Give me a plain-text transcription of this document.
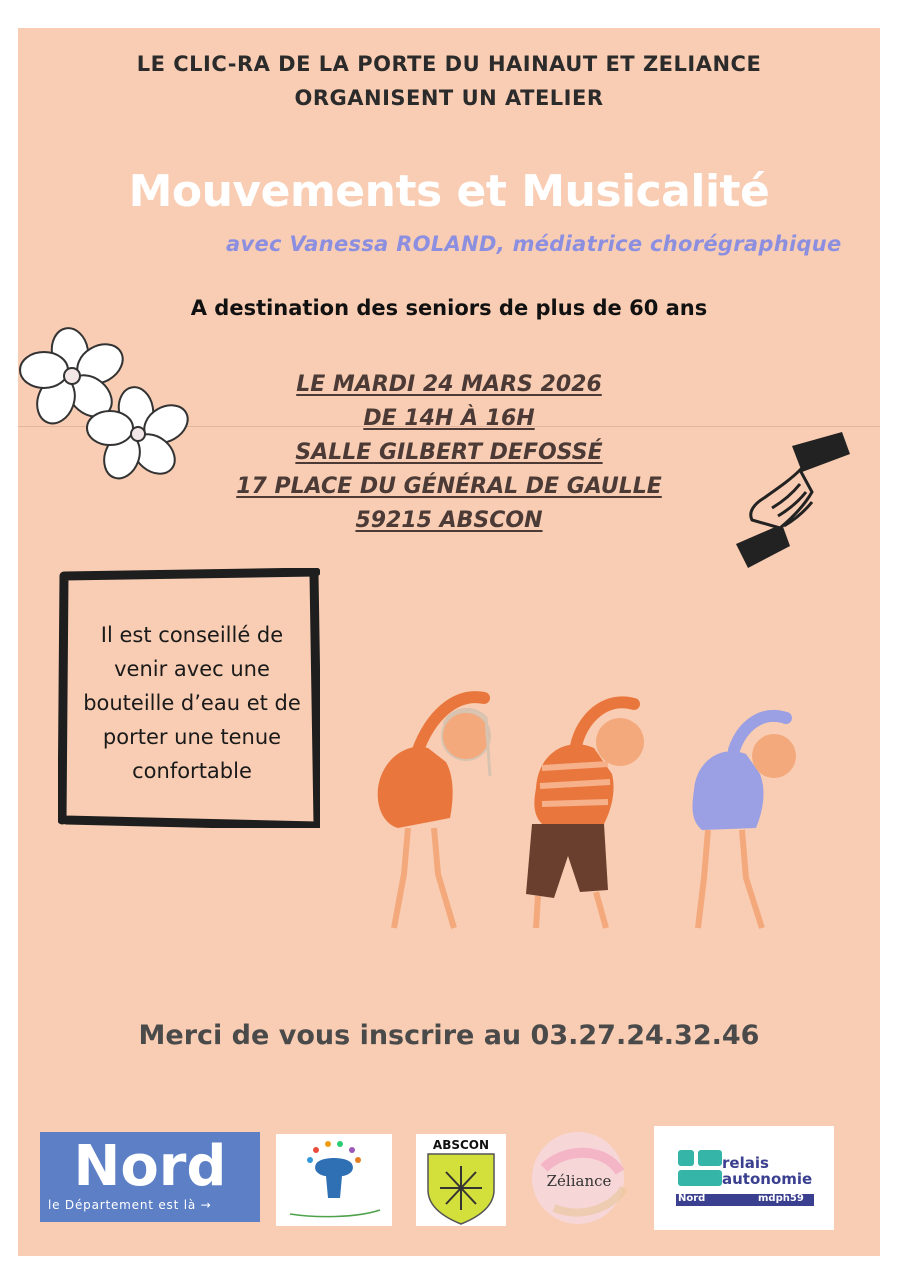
LE CLIC-RA DE LA PORTE DU HAINAUT ET ZELIANCE
ORGANISENT UN ATELIER
Mouvements et Musicalité
avec Vanessa ROLAND, médiatrice chorégraphique
A destination des seniors de plus de 60 ans
LE MARDI 24 MARS 2026
DE 14H À 16H
SALLE GILBERT DEFOSSÉ
17 PLACE DU GÉNÉRAL DE GAULLE
59215 ABSCON
Il est conseillé de
venir avec une
bouteille d’eau et de
porter une tenue
confortable
Merci de vous inscrire au 03.27.24.32.46
Nord
le Département est là →
ABSCON
Zéliance
relais
autonomie
Nord	mdph59
